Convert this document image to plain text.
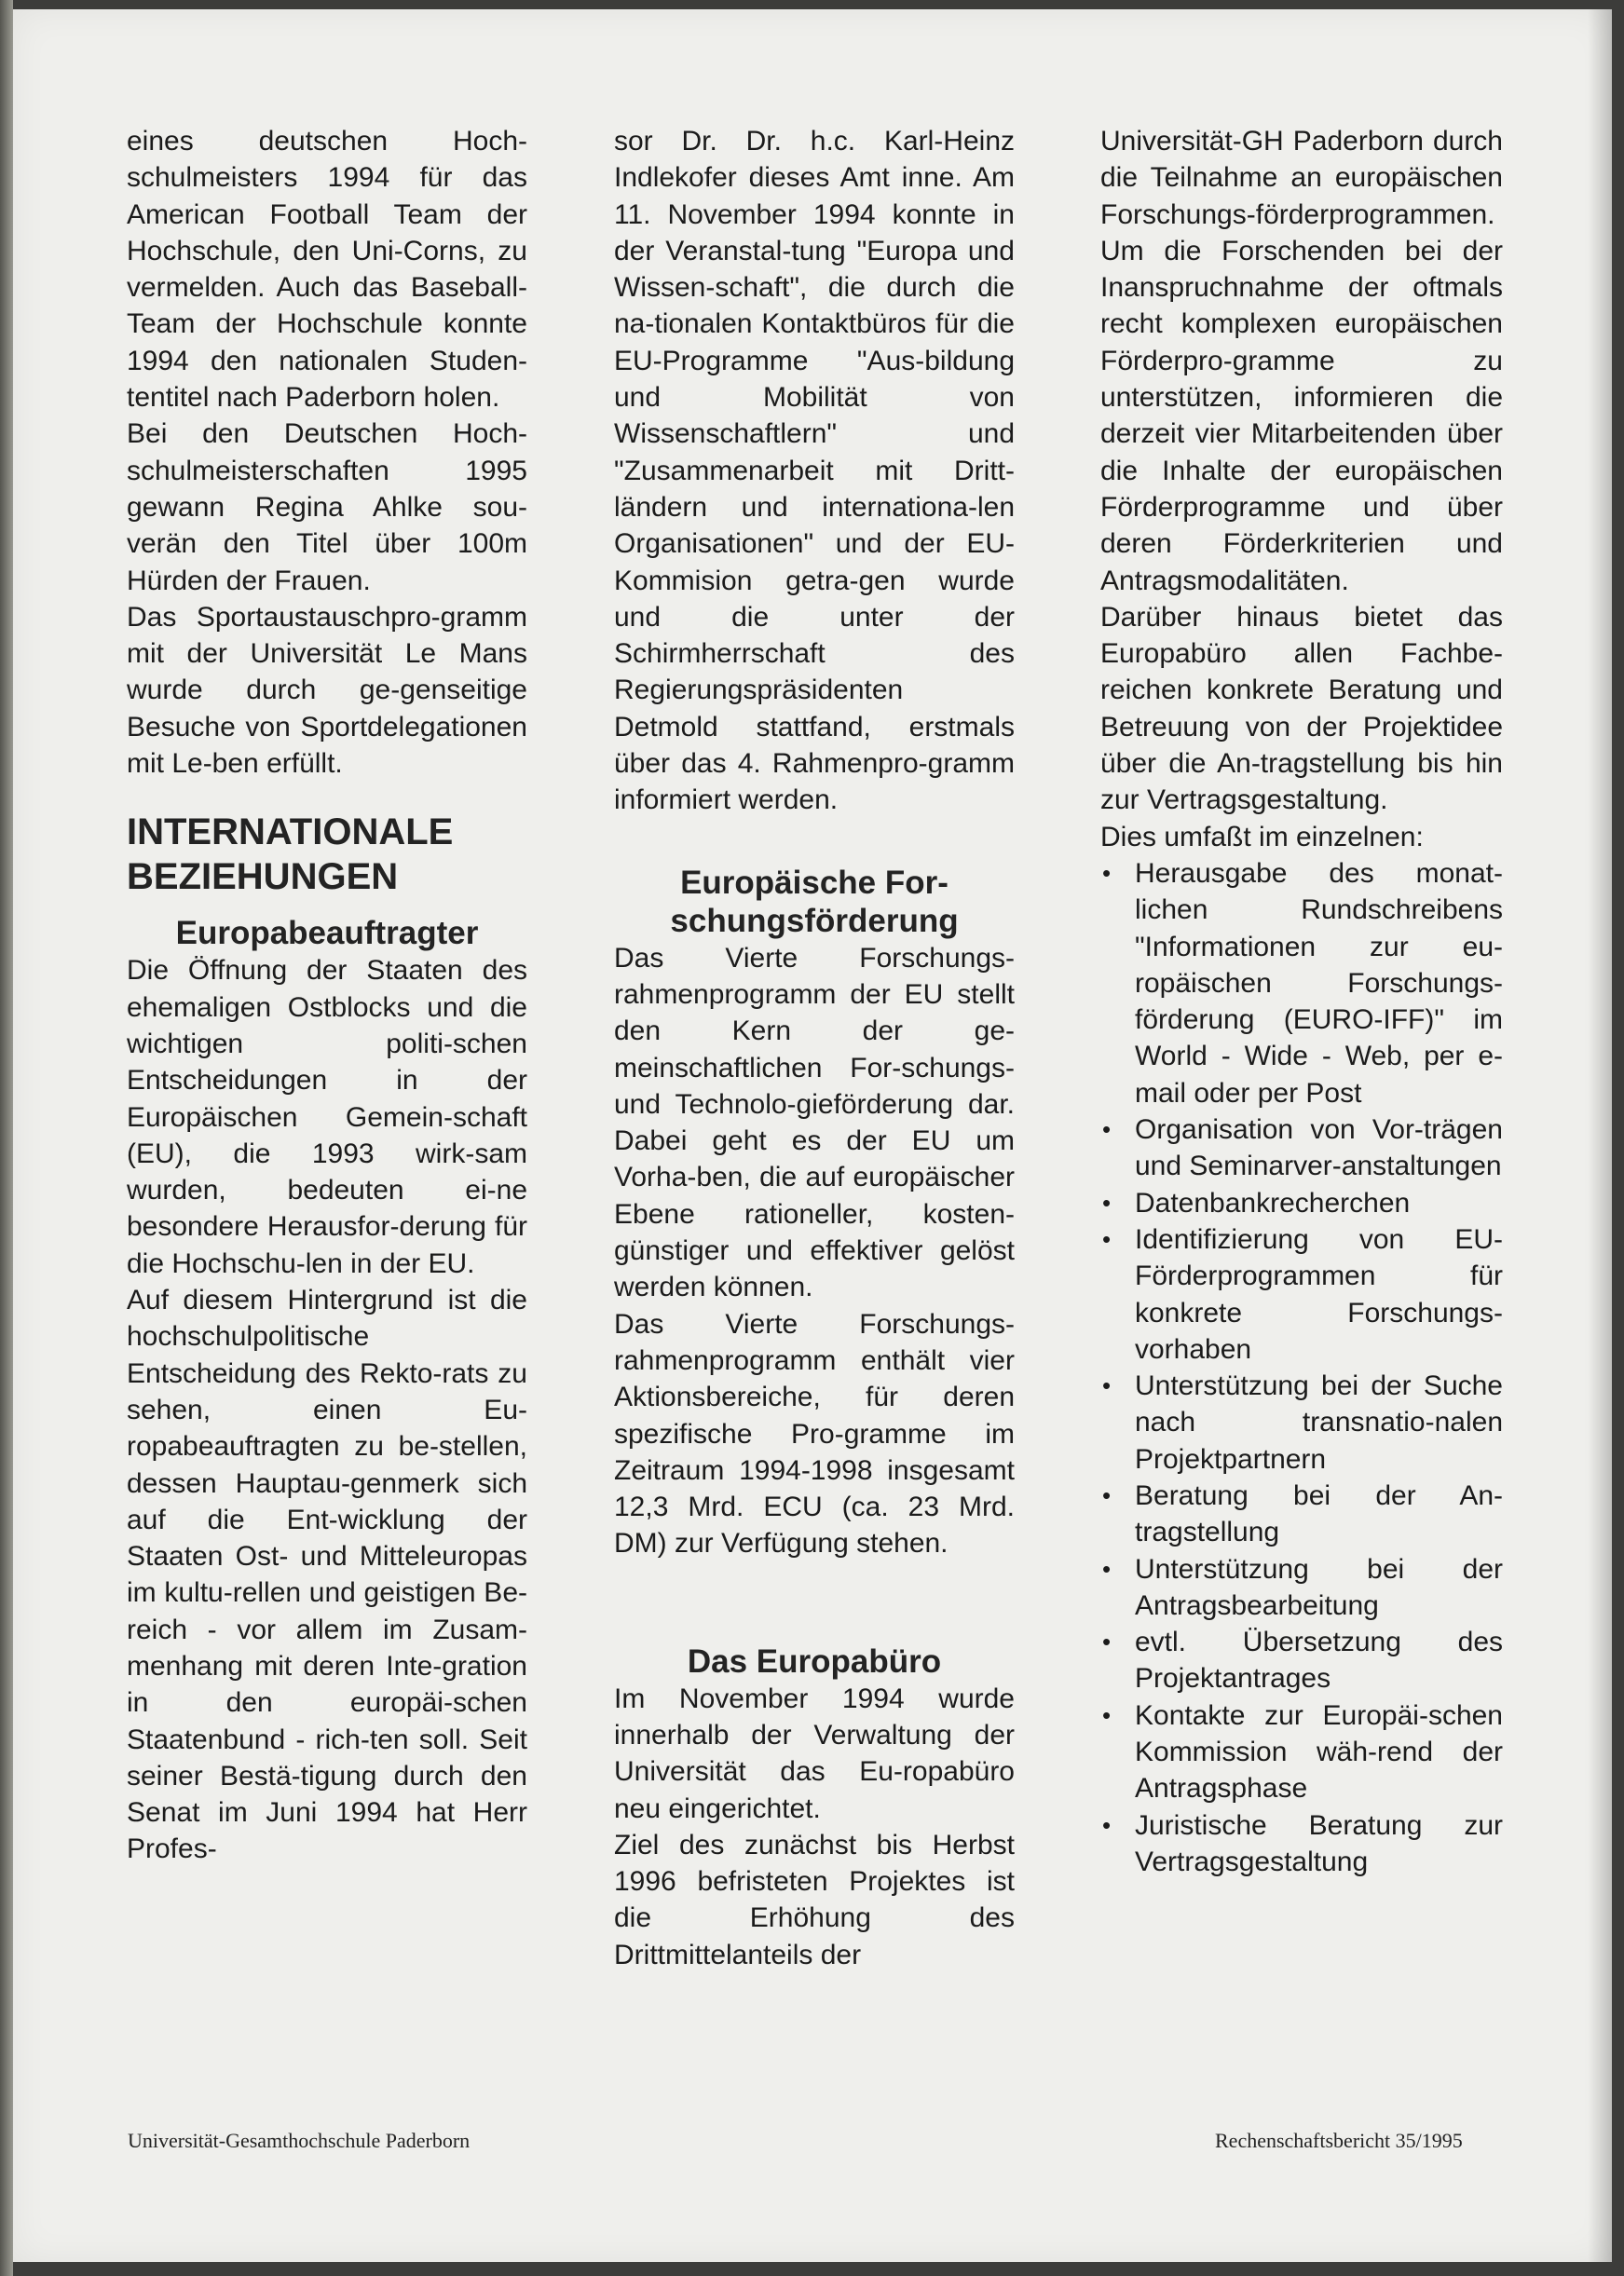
eines deutschen Hoch-schulmeisters 1994 für das American Football Team der Hochschule, den Uni-Corns, zu vermelden. Auch das Baseball-Team der Hochschule konnte 1994 den nationalen Studen-tentitel nach Paderborn holen.

Bei den Deutschen Hoch-schulmeisterschaften 1995 gewann Regina Ahlke sou-verän den Titel über 100m Hürden der Frauen.

Das Sportaustauschpro-gramm mit der Universität Le Mans wurde durch ge-genseitige Besuche von Sportdelegationen mit Le-ben erfüllt.

INTERNATIONALE
BEZIEHUNGEN
Europabeauftragter

Die Öffnung der Staaten des ehemaligen Ostblocks und die wichtigen politi-schen Entscheidungen in der Europäischen Gemein-schaft (EU), die 1993 wirk-sam wurden, bedeuten ei-ne besondere Herausfor-derung für die Hochschu-len in der EU.

Auf diesem Hintergrund ist die hochschulpolitische Entscheidung des Rekto-rats zu sehen, einen Eu-ropabeauftragten zu be-stellen, dessen Hauptau-genmerk sich auf die Ent-wicklung der Staaten Ost- und Mitteleuropas im kultu-rellen und geistigen Be-reich - vor allem im Zusam-menhang mit deren Inte-gration in den europäi-schen Staatenbund - rich-ten soll. Seit seiner Bestä-tigung durch den Senat im Juni 1994 hat Herr Profes-

sor Dr. Dr. h.c. Karl-Heinz Indlekofer dieses Amt inne. Am 11. November 1994 konnte in der Veranstal-tung "Europa und Wissen-schaft", die durch die na-tionalen Kontaktbüros für die EU-Programme "Aus-bildung und Mobilität von Wissenschaftlern" und "Zusammenarbeit mit Dritt-ländern und internationa-len Organisationen" und der EU-Kommision getra-gen wurde und die unter der Schirmherrschaft des Regierungspräsidenten Detmold stattfand, erstmals über das 4. Rahmenpro-gramm informiert werden.

Europäische For-
schungsförderung

Das Vierte Forschungs-rahmenprogramm der EU stellt den Kern der ge-meinschaftlichen For-schungs- und Technolo-gieförderung dar. Dabei geht es der EU um Vorha-ben, die auf europäischer Ebene rationeller, kosten-günstiger und effektiver gelöst werden können.

Das Vierte Forschungs-rahmenprogramm enthält vier Aktionsbereiche, für deren spezifische Pro-gramme im Zeitraum 1994-1998 insgesamt 12,3 Mrd. ECU (ca. 23 Mrd. DM) zur Verfügung stehen.

Das Europabüro

Im November 1994 wurde innerhalb der Verwaltung der Universität das Eu-ropabüro neu eingerichtet.

Ziel des zunächst bis Herbst 1996 befristeten Projektes ist die Erhöhung des Drittmittelanteils der

Universität-GH Paderborn durch die Teilnahme an europäischen Forschungs-förderprogrammen.

Um die Forschenden bei der Inanspruchnahme der oftmals recht komplexen europäischen Förderpro-gramme zu unterstützen, informieren die derzeit vier Mitarbeitenden über die Inhalte der europäischen Förderprogramme und über deren Förderkriterien und Antragsmodalitäten.

Darüber hinaus bietet das Europabüro allen Fachbe-reichen konkrete Beratung und Betreuung von der Projektidee über die An-tragstellung bis hin zur Vertragsgestaltung.

Dies umfaßt im einzelnen:

• Herausgabe des monat-lichen Rundschreibens "Informationen zur eu-ropäischen Forschungs-förderung (EURO-IFF)" im World - Wide - Web, per e-mail oder per Post
• Organisation von Vor-trägen und Seminarver-anstaltungen
• Datenbankrecherchen
• Identifizierung von EU-Förderprogrammen für konkrete Forschungs-vorhaben
• Unterstützung bei der Suche nach transnatio-nalen Projektpartnern
• Beratung bei der An-tragstellung
• Unterstützung bei der Antragsbearbeitung
• evtl. Übersetzung des Projektantrages
• Kontakte zur Europäi-schen Kommission wäh-rend der Antragsphase
• Juristische Beratung zur Vertragsgestaltung
Universität-Gesamthochschule Paderborn	Rechenschaftsbericht 35/1995
